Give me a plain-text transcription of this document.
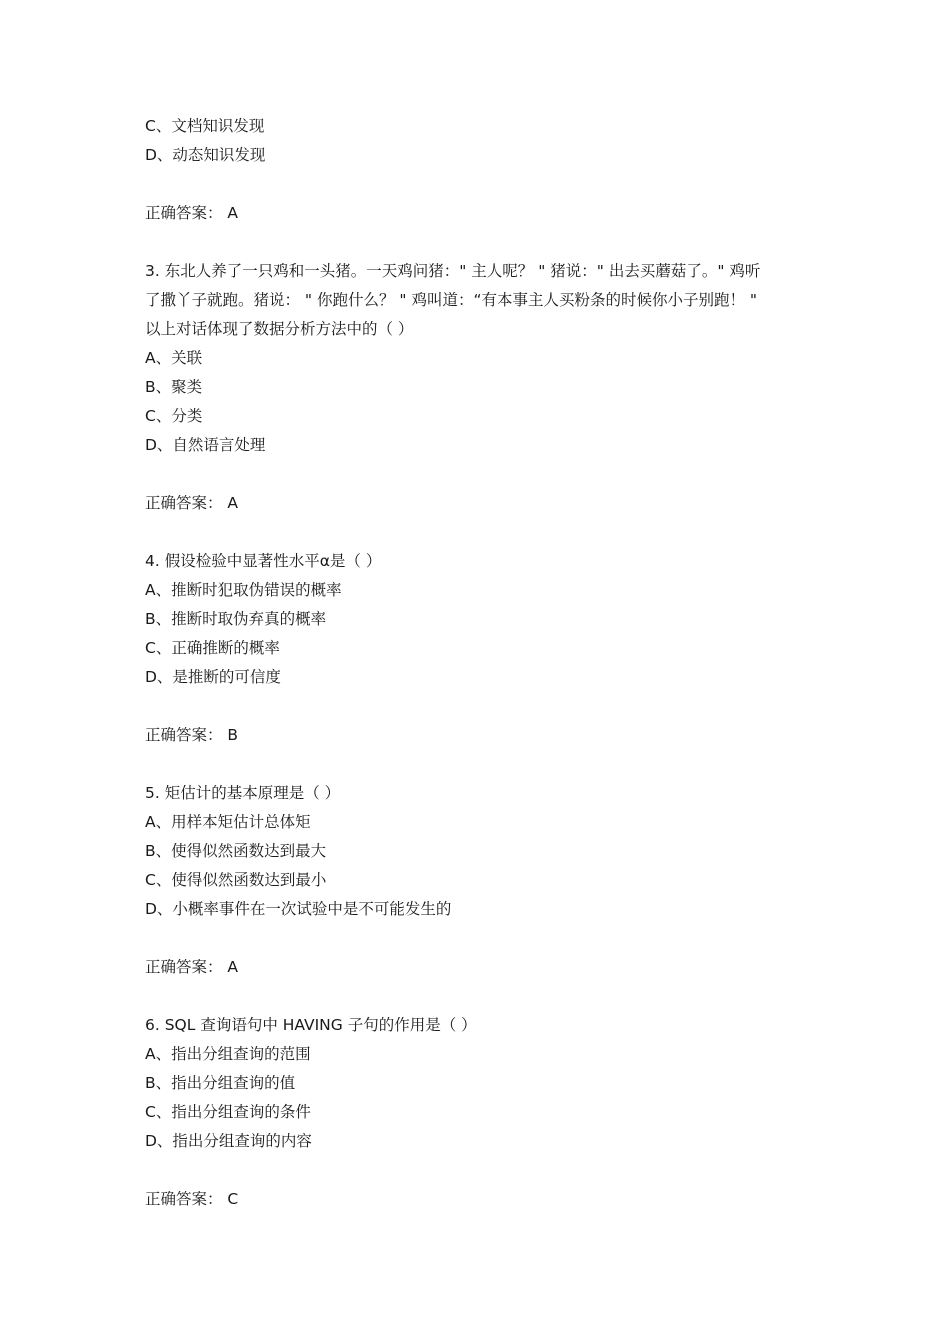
C、文档知识发现
D、动态知识发现
正确答案： A
3. 东北人养了一只鸡和一头猪。一天鸡问猪：" 主人呢？ " 猪说：" 出去买蘑菇了。" 鸡听
了撒丫子就跑。猪说： " 你跑什么？ " 鸡叫道：“有本事主人买粉条的时候你小子别跑！ "
以上对话体现了数据分析方法中的（ ）
A、关联
B、聚类
C、分类
D、自然语言处理
正确答案： A
4. 假设检验中显著性水平α是（ ）
A、推断时犯取伪错误的概率
B、推断时取伪弃真的概率
C、正确推断的概率
D、是推断的可信度
正确答案： B
5. 矩估计的基本原理是（ ）
A、用样本矩估计总体矩
B、使得似然函数达到最大
C、使得似然函数达到最小
D、小概率事件在一次试验中是不可能发生的
正确答案： A
6. SQL 查询语句中 HAVING 子句的作用是（ ）
A、指出分组查询的范围
B、指出分组查询的值
C、指出分组查询的条件
D、指出分组查询的内容
正确答案： C
